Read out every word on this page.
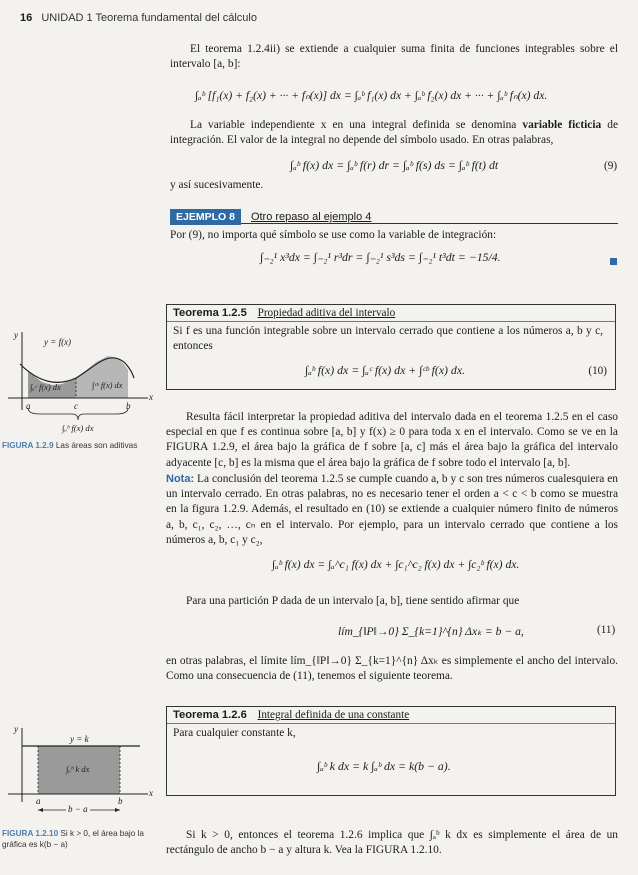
16 UNIDAD 1 Teorema fundamental del cálculo
El teorema 1.2.4ii) se extiende a cualquier suma finita de funciones integrables sobre el intervalo [a, b]:
∫ₐᵇ [f₁(x) + f₂(x) + ··· + fₙ(x)] dx = ∫ₐᵇ f₁(x) dx + ∫ₐᵇ f₂(x) dx + ··· + ∫ₐᵇ fₙ(x) dx.
La variable independiente x en una integral definida se denomina variable ficticia de integración. El valor de la integral no depende del símbolo usado. En otras palabras,
∫ₐᵇ f(x) dx = ∫ₐᵇ f(r) dr = ∫ₐᵇ f(s) ds = ∫ₐᵇ f(t) dt	(9)
y así sucesivamente.
EJEMPLO 8 Otro repaso al ejemplo 4
Por (9), no importa qué símbolo se use como la variable de integración:
∫₋₂¹ x³dx = ∫₋₂¹ r³dr = ∫₋₂¹ s³ds = ∫₋₂¹ t³dt = −15/4.
Teorema 1.2.5 Propiedad aditiva del intervalo
Si f es una función integrable sobre un intervalo cerrado que contiene a los números a, b y c, entonces
∫ₐᵇ f(x) dx = ∫ₐᶜ f(x) dx + ∫ᶜᵇ f(x) dx.	(10)
y
y = f(x)
x
∫ₐᶜ f(x) dx	∫ᶜᵇ f(x) dx
a	c	b
∫ₐᵇ f(x) dx
FIGURA 1.2.9 Las áreas son aditivas
Resulta fácil interpretar la propiedad aditiva del intervalo dada en el teorema 1.2.5 en el caso especial en que f es continua sobre [a, b] y f(x) ≥ 0 para toda x en el intervalo. Como se ve en la FIGURA 1.2.9, el área bajo la gráfica de f sobre [a, c] más el área bajo la gráfica del intervalo adyacente [c, b] es la misma que el área bajo la gráfica de f sobre todo el intervalo [a, b].
Nota: La conclusión del teorema 1.2.5 se cumple cuando a, b y c son tres números cualesquiera en un intervalo cerrado. En otras palabras, no es necesario tener el orden a < c < b como se muestra en la figura 1.2.9. Además, el resultado en (10) se extiende a cualquier número finito de números a, b, c₁, c₂, …, cₙ en el intervalo. Por ejemplo, para un intervalo cerrado que contiene a los números a, b, c₁ y c₂,
∫ₐᵇ f(x) dx = ∫ₐ^c₁ f(x) dx + ∫c₁^c₂ f(x) dx + ∫c₂ᵇ f(x) dx.
Para una partición P dada de un intervalo [a, b], tiene sentido afirmar que
lím_{‖P‖→0} Σ_{k=1}^{n} Δxₖ = b − a,	(11)
en otras palabras, el límite lím_{‖P‖→0} Σ_{k=1}^{n} Δxₖ es simplemente el ancho del intervalo. Como una consecuencia de (11), tenemos el siguiente teorema.
Teorema 1.2.6 Integral definida de una constante
Para cualquier constante k,
∫ₐᵇ k dx = k ∫ₐᵇ dx = k(b − a).
y
y = k
∫ₐᵇ k dx
x
a	b
b − a
FIGURA 1.2.10 Si k > 0, el área bajo la gráfica es k(b − a)
Si k > 0, entonces el teorema 1.2.6 implica que ∫ₐᵇ k dx es simplemente el área de un rectángulo de ancho b − a y altura k. Vea la FIGURA 1.2.10.
